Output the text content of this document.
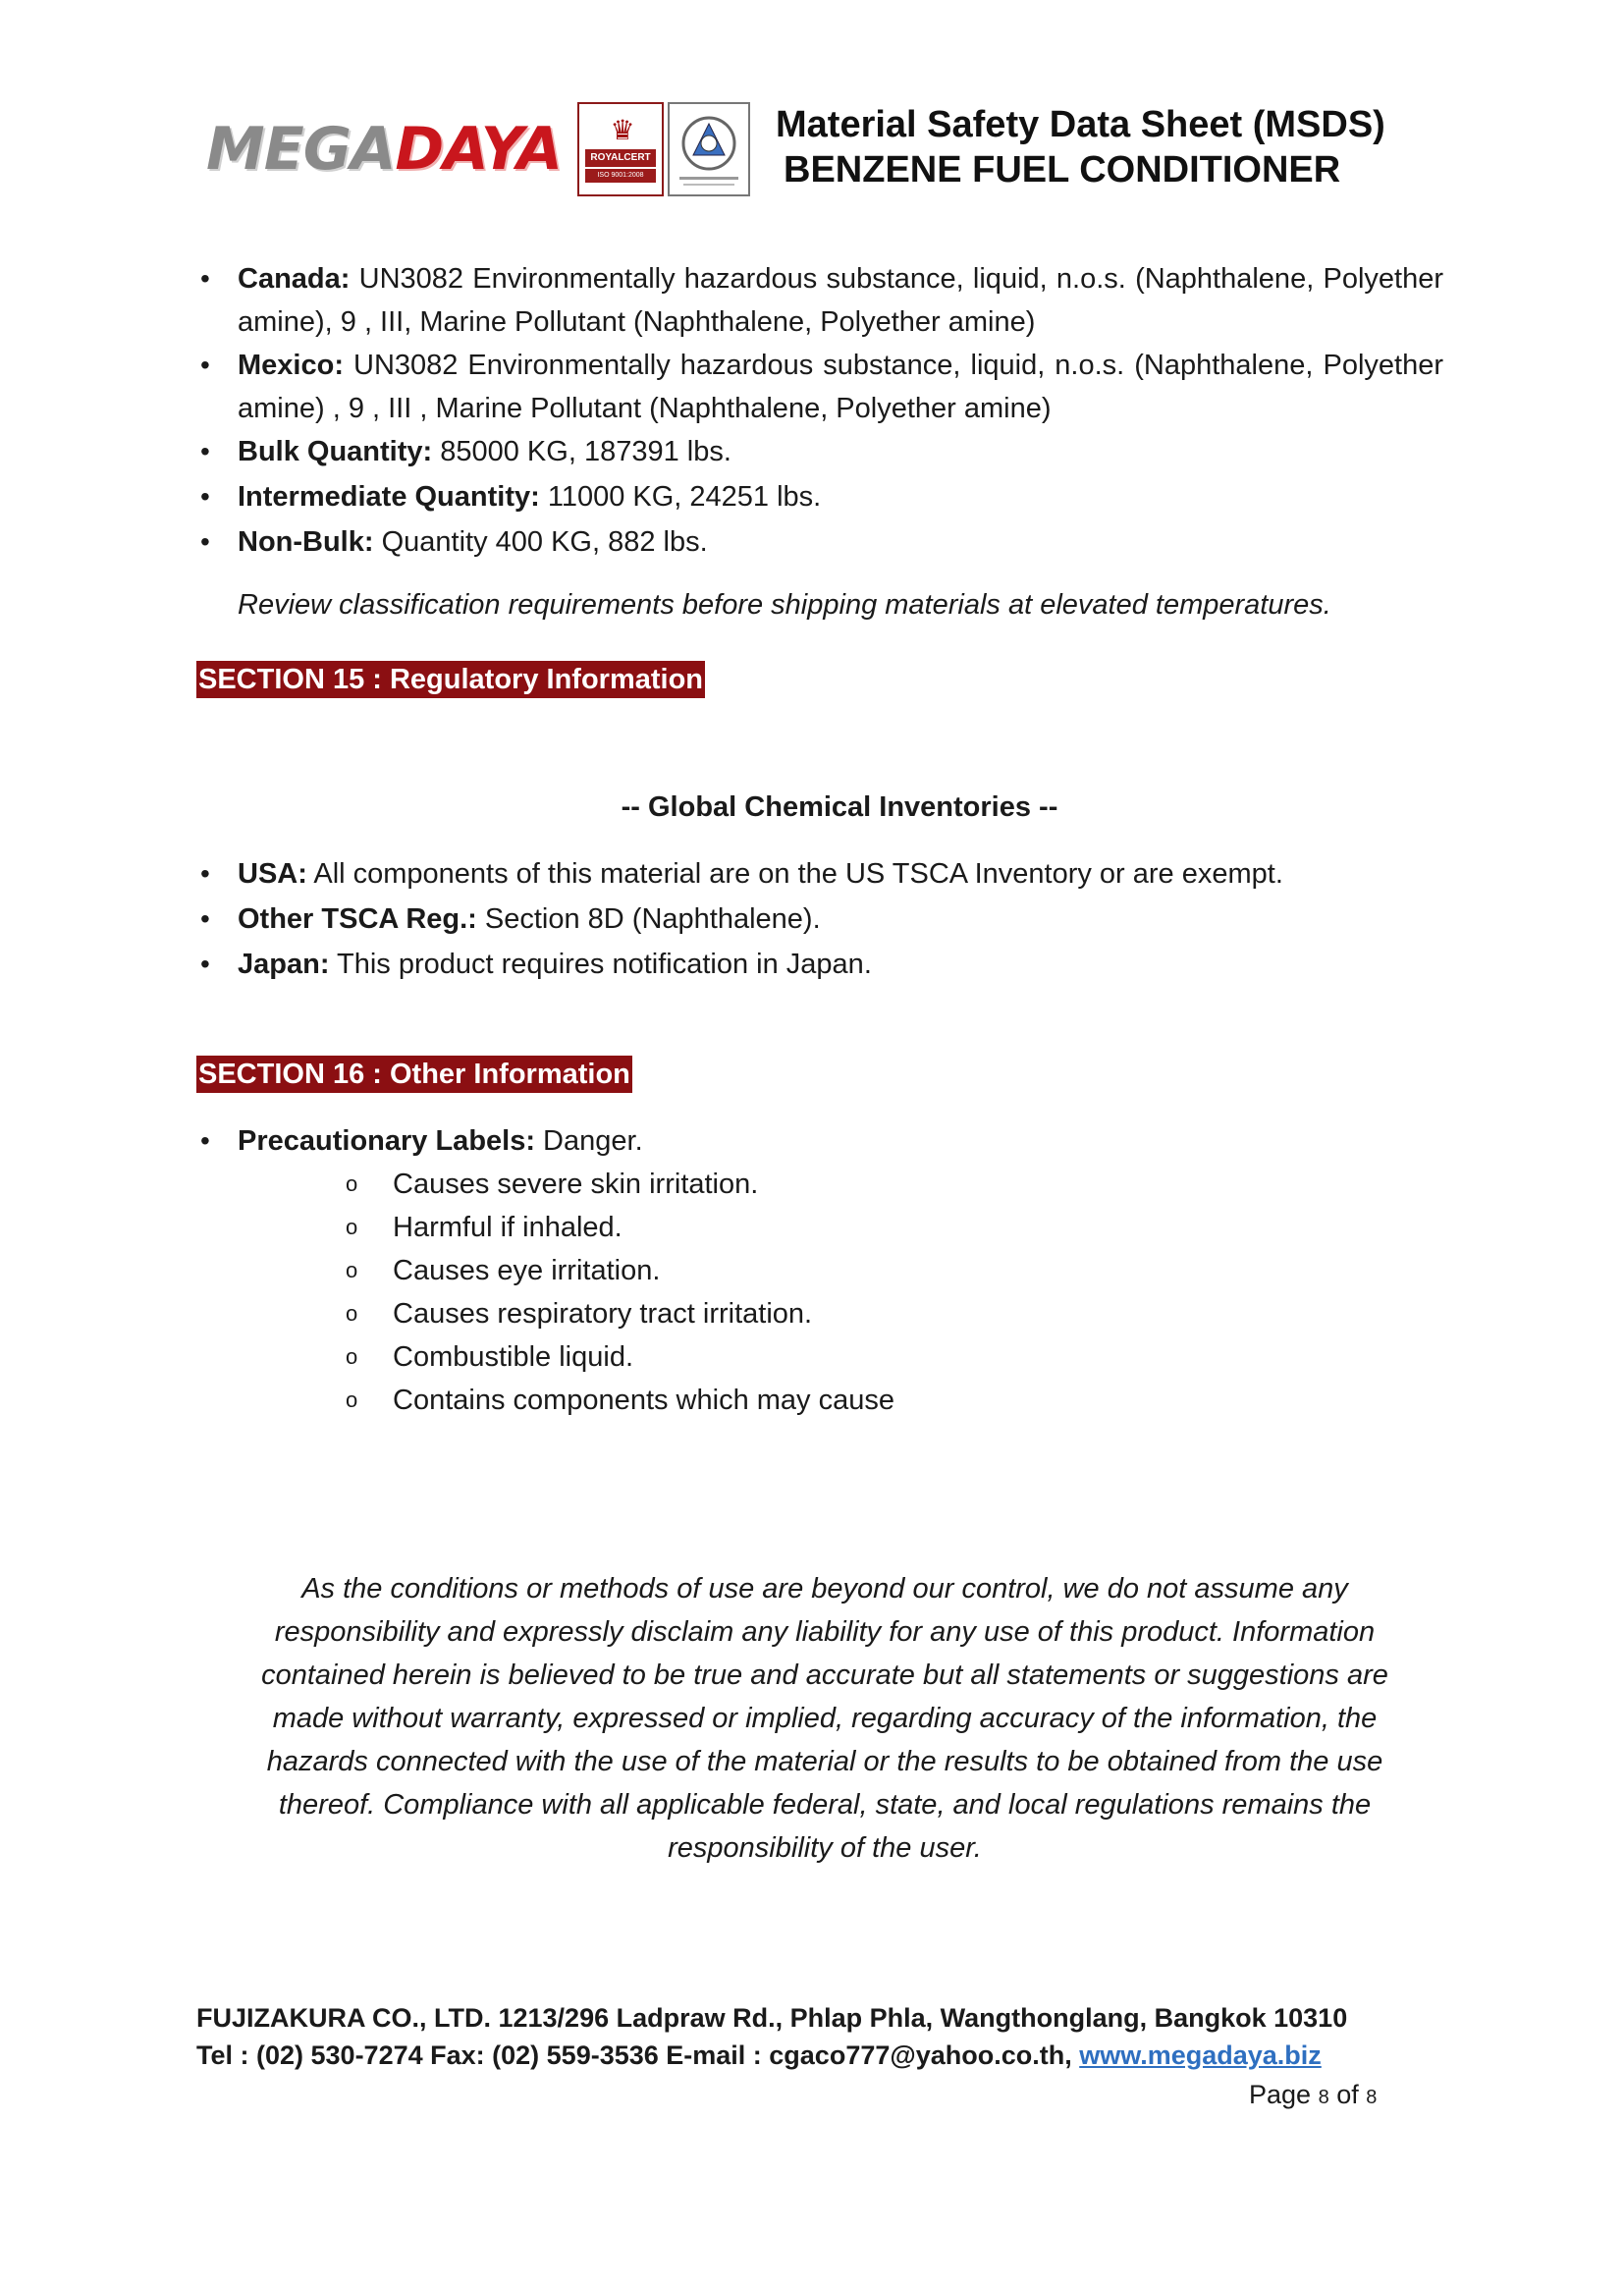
MEGADAYA ♛
ROYALCERT
ISO 9001:2008
Material Safety Data Sheet (MSDS)
BENZENE FUEL CONDITIONER
• Canada: UN3082 Environmentally hazardous substance, liquid, n.o.s. (Naphthalene, Polyether amine), 9 , III, Marine Pollutant (Naphthalene, Polyether amine)
• Mexico: UN3082 Environmentally hazardous substance, liquid, n.o.s. (Naphthalene, Polyether amine) , 9 , III , Marine Pollutant (Naphthalene, Polyether amine)
• Bulk Quantity: 85000 KG, 187391 lbs.
• Intermediate Quantity: 11000 KG, 24251 lbs.
• Non-Bulk: Quantity 400 KG, 882 lbs.
Review classification requirements before shipping materials at elevated temperatures.
SECTION 15 : Regulatory Information
-- Global Chemical Inventories --
• USA: All components of this material are on the US TSCA Inventory or are exempt.
• Other TSCA Reg.: Section 8D (Naphthalene).
• Japan: This product requires notification in Japan.
SECTION 16 : Other Information
• Precautionary Labels: Danger.
o Causes severe skin irritation.
o Harmful if inhaled.
o Causes eye irritation.
o Causes respiratory tract irritation.
o Combustible liquid.
o Contains components which may cause
As the conditions or methods of use are beyond our control, we do not assume any responsibility and expressly disclaim any liability for any use of this product. Information contained herein is believed to be true and accurate but all statements or suggestions are made without warranty, expressed or implied, regarding accuracy of the information, the hazards connected with the use of the material or the results to be obtained from the use thereof. Compliance with all applicable federal, state, and local regulations remains the responsibility of the user.
FUJIZAKURA CO., LTD. 1213/296 Ladpraw Rd., Phlap Phla, Wangthonglang, Bangkok 10310
Tel : (02) 530-7274 Fax: (02) 559-3536 E-mail : cgaco777@yahoo.co.th, www.megadaya.biz
Page 8 of 8
